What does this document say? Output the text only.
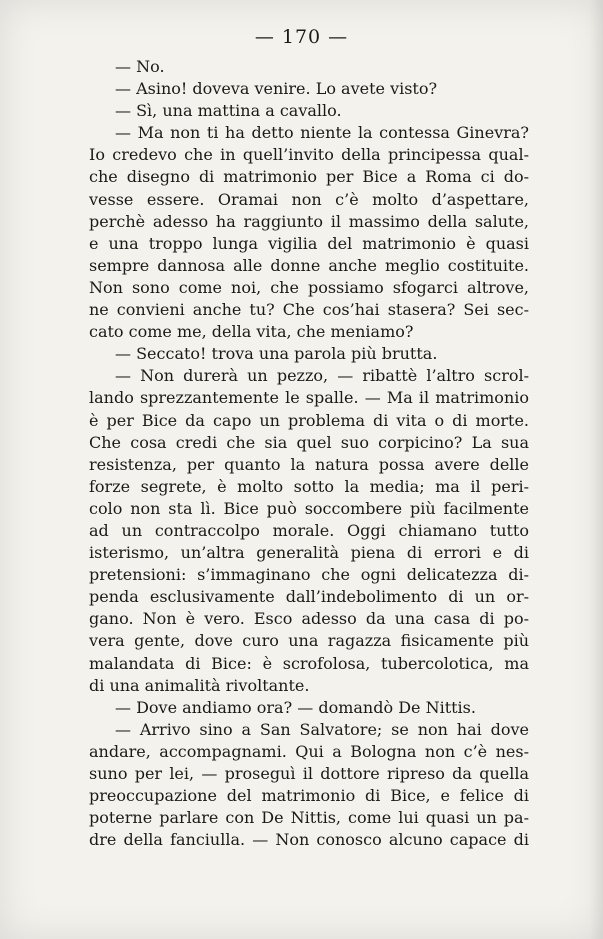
— 170 —
— No.
— Asino! doveva venire. Lo avete visto?
— Sì, una mattina a cavallo.
— Ma non ti ha detto niente la contessa Ginevra?
Io credevo che in quell’invito della principessa qual-
che disegno di matrimonio per Bice a Roma ci do-
vesse essere. Oramai non c’è molto d’aspettare,
perchè adesso ha raggiunto il massimo della salute,
e una troppo lunga vigilia del matrimonio è quasi
sempre dannosa alle donne anche meglio costituite.
Non sono come noi, che possiamo sfogarci altrove,
ne convieni anche tu? Che cos’hai stasera? Sei sec-
cato come me, della vita, che meniamo?
— Seccato! trova una parola più brutta.
— Non durerà un pezzo, — ribattè l’altro scrol-
lando sprezzantemente le spalle. — Ma il matrimonio
è per Bice da capo un problema di vita o di morte.
Che cosa credi che sia quel suo corpicino? La sua
resistenza, per quanto la natura possa avere delle
forze segrete, è molto sotto la media; ma il peri-
colo non sta lì. Bice può soccombere più facilmente
ad un contraccolpo morale. Oggi chiamano tutto
isterismo, un’altra generalità piena di errori e di
pretensioni: s’immaginano che ogni delicatezza di-
penda esclusivamente dall’indebolimento di un or-
gano. Non è vero. Esco adesso da una casa di po-
vera gente, dove curo una ragazza fisicamente più
malandata di Bice: è scrofolosa, tubercolotica, ma
di una animalità rivoltante.
— Dove andiamo ora? — domandò De Nittis.
— Arrivo sino a San Salvatore; se non hai dove
andare, accompagnami. Qui a Bologna non c’è nes-
suno per lei, — proseguì il dottore ripreso da quella
preoccupazione del matrimonio di Bice, e felice di
poterne parlare con De Nittis, come lui quasi un pa-
dre della fanciulla. — Non conosco alcuno capace di
